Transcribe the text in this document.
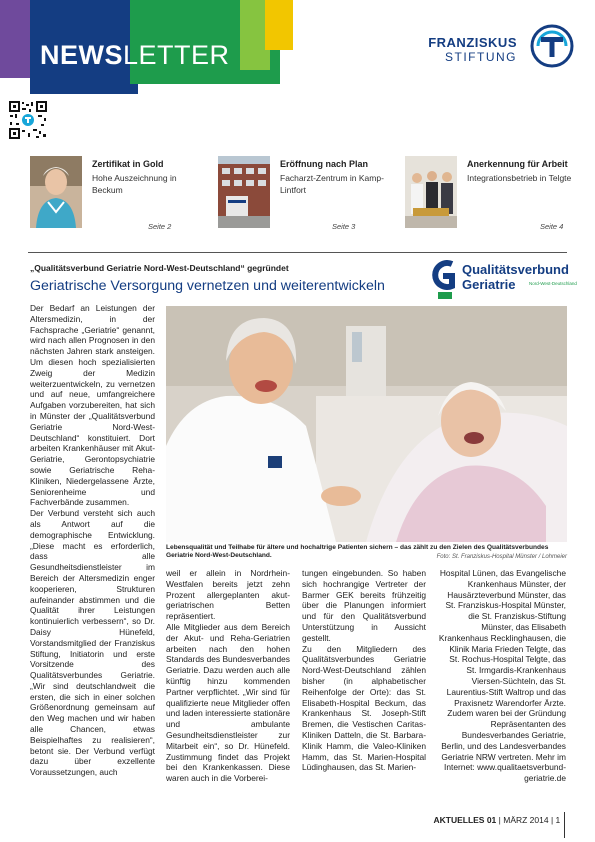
NEWSLETTER	FRANZISKUS
STIFTUNG
Zertifikat in Gold
Hohe Auszeichnung in Beckum
Seite 2
Eröffnung nach Plan
Facharzt-Zentrum in Kamp-Lintfort
Seite 3
Anerkennung für Arbeit
Integrationsbetrieb in Telgte
Seite 4
„Qualitätsverbund Geriatrie Nord-West-Deutschland“ gegründet
Geriatrische Versorgung vernetzen und weiterentwickeln
Qualitätsverbund
Geriatrie	Nord-West-Deutschland

Der Bedarf an Leistungen der Altersmedizin, in der Fachsprache „Geriatrie“ genannt, wird nach allen Prognosen in den nächsten Jahren stark ansteigen. Um diesen hoch spezialisierten Zweig der Medizin weiterzuentwickeln, zu vernetzen und auf neue, umfangreichere Aufgaben vorzubereiten, hat sich in Münster der „Qualitätsverbund Geriatrie Nord-West-Deutschland“ konstituiert. Dort arbeiten Krankenhäuser mit Akut-Geriatrie, Gerontopsychiatrie sowie Geriatrische Reha-Kliniken, Niedergelassene Ärzte, Seniorenheime und Fachverbände zusammen.

Der Verbund versteht sich auch als Antwort auf die demographische Entwicklung. „Diese macht es erforderlich, dass alle Gesundheitsdienstleister im Bereich der Altersmedizin enger kooperieren, Strukturen aufeinander abstimmen und die Qualität ihrer Leistungen kontinuierlich verbessern“, so Dr. Daisy Hünefeld, Vorstandsmitglied der Franziskus Stiftung, Initiatorin und erste Vorsitzende des Qualitätsverbundes Geriatrie. „Wir sind deutschlandweit die ersten, die sich in einer solchen Größenordnung gemeinsam auf den Weg machen und wir haben alle Chancen, etwas Beispielhaftes zu realisieren“, betont sie. Der Verbund verfügt dazu über exzellente Voraussetzungen, auch

Lebensqualität und Teilhabe für ältere und hochaltrige Patienten sichern – das zählt zu den Zielen des Qualitätsverbundes Geriatrie Nord-West-Deutschland.	Foto: St. Franziskus-Hospital Münster / Lohmeier

weil er allein in Nordrhein-Westfalen bereits jetzt zehn Prozent allergeplanten akut-geriatrischen Betten repräsentiert.

Alle Mitglieder aus dem Bereich der Akut- und Reha-Geriatrien arbeiten nach den hohen Standards des Bundesverbandes Geriatrie. Dazu werden auch alle künftig hinzu kommenden Partner verpflichtet. „Wir sind für qualifizierte neue Mitglieder offen und laden interessierte stationäre und ambulante Gesundheitsdienstleister zur Mitarbeit ein“, so Dr. Hünefeld. Zustimmung findet das Projekt bei den Krankenkassen. Diese waren auch in die Vorberei-

tungen eingebunden. So haben sich hochrangige Vertreter der Barmer GEK bereits frühzeitig über die Planungen informiert und für den Qualitätsverbund Unterstützung in Aussicht gestellt.

Zu den Mitgliedern des Qualitätsverbundes Geriatrie Nord-West-Deutschland zählen bisher (in alphabetischer Reihenfolge der Orte): das St. Elisabeth-Hospital Beckum, das Krankenhaus St. Joseph-Stift Bremen, die Vestischen Caritas-Kliniken Datteln, die St. Barbara-Klinik Hamm, die Valeo-Kliniken Hamm, das St. Marien-Hospital Lüdinghausen, das St. Marien-

Hospital Lünen, das Evangelische Krankenhaus Münster, der Hausärzteverbund Münster, das St. Franziskus-Hospital Münster, die St. Franziskus-Stiftung Münster, das Elisabeth Krankenhaus Recklinghausen, die Klinik Maria Frieden Telgte, das St. Rochus-Hospital Telgte, das St. Irmgardis-Krankenhaus Viersen-Süchteln, das St. Laurentius-Stift Waltrop und das Praxisnetz Warendorfer Ärzte. Zudem waren bei der Gründung Repräsentanten des Bundesverbandes Geriatrie, Berlin, und des Landesverbandes Geriatrie NRW vertreten. Mehr im Internet: www.qualitaetsverbund-geriatrie.de

AKTUELLES 01 | MÄRZ 2014 | 1
